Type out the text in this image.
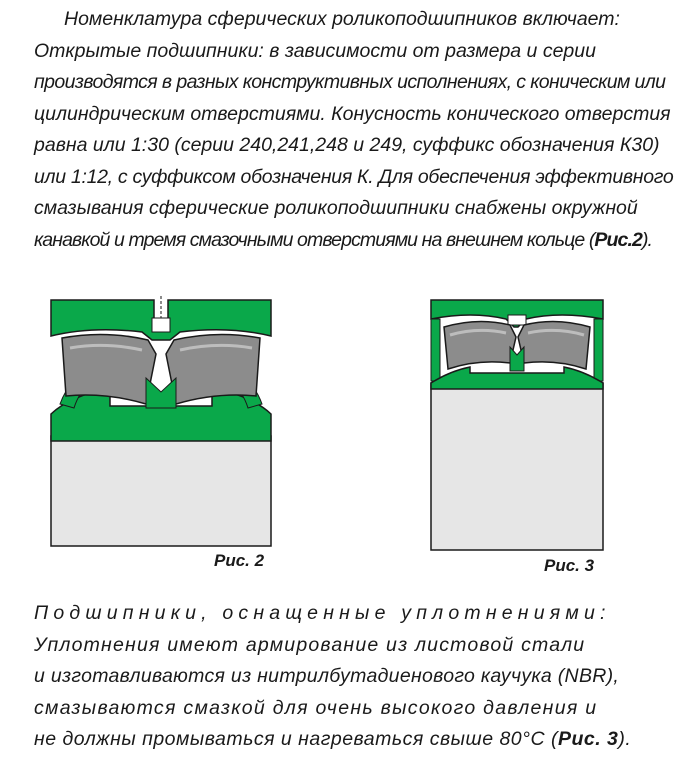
Номенклатура сферических роликоподшипников включает:
Открытые подшипники: в зависимости от размера и серии
производятся в разных конструктивных исполнениях, с коническим или
цилиндрическим отверстиями. Конусность конического отверстия
равна или 1:30 (серии 240,241,248 и 249, суффикс обозначения К30)
или 1:12, с суффиксом обозначения К. Для обеспечения эффективного
смазывания сферические роликоподшипники снабжены окружной
канавкой и тремя смазочными отверстиями на внешнем кольце (Рис.2).
Рис. 2	Рис. 3
Подшипники, оснащенные уплотнениями:
Уплотнения имеют армирование из листовой стали
и изготавливаются из нитрилбутадиенового каучука (NBR),
смазываются смазкой для очень высокого давления и
не должны промываться и нагреваться свыше 80°С (Рис. 3).
